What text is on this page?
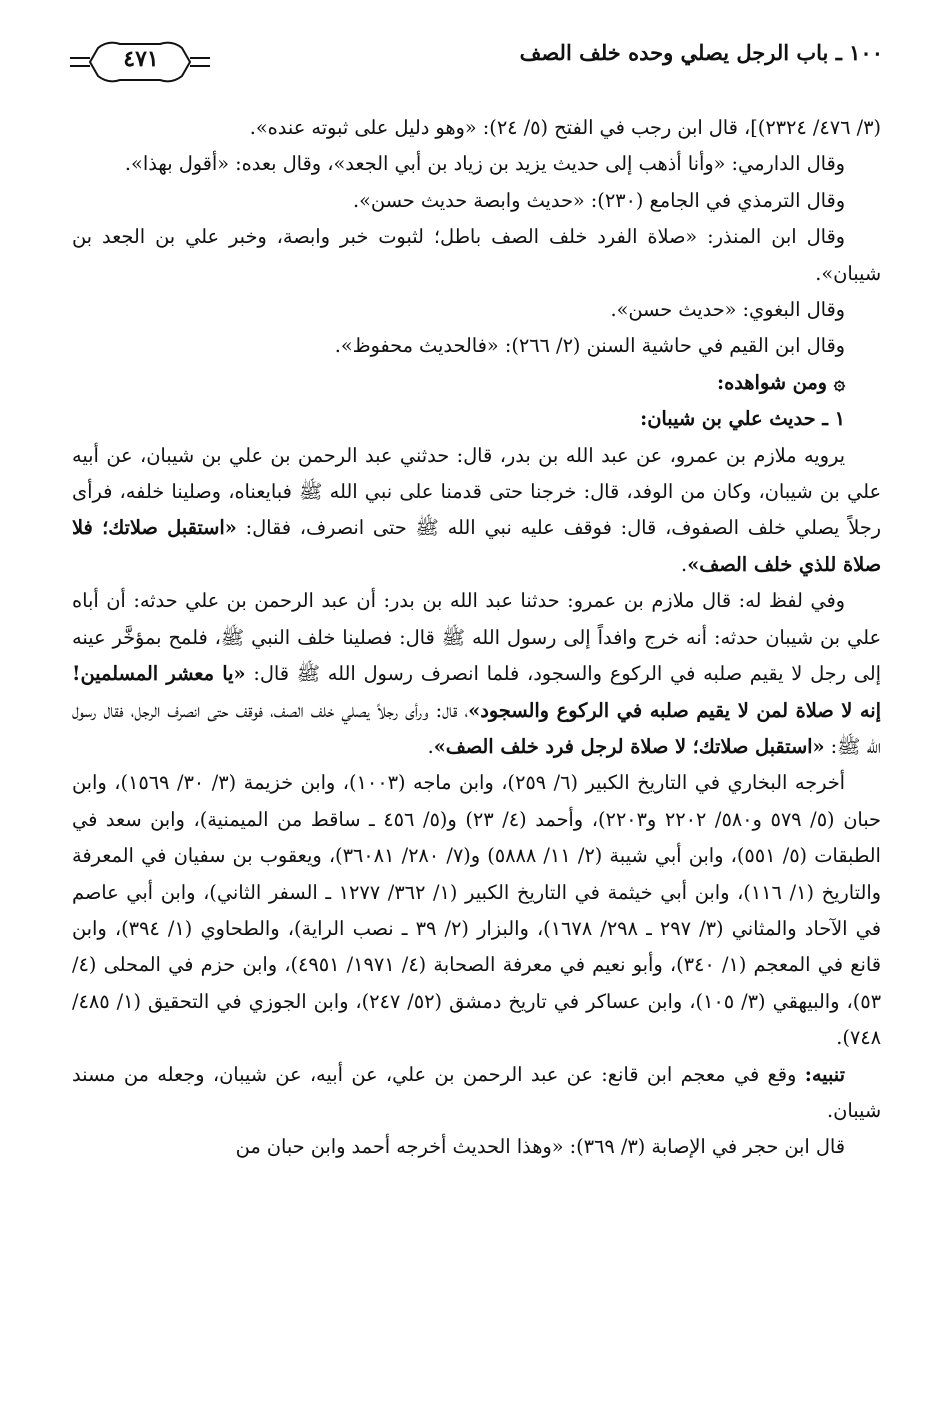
١٠٠ ـ باب الرجل يصلي وحده خلف الصف
٤٧١

(٣/ ٤٧٦/ ٢٣٢٤)]، قال ابن رجب في الفتح (٥/ ٢٤): «وهو دليل على ثبوته عنده».

وقال الدارمي: «وأنا أذهب إلى حديث يزيد بن زياد بن أبي الجعد»، وقال بعده: «أقول بهذا».

وقال الترمذي في الجامع (٢٣٠): «حديث وابصة حديث حسن».

وقال ابن المنذر: «صلاة الفرد خلف الصف باطل؛ لثبوت خبر وابصة، وخبر علي بن الجعد بن شيبان».

وقال البغوي: «حديث حسن».

وقال ابن القيم في حاشية السنن (٢/ ٢٦٦): «فالحديث محفوظ».

۞ ومن شواهده:

١ ـ حديث علي بن شيبان:

يرويه ملازم بن عمرو، عن عبد الله بن بدر، قال: حدثني عبد الرحمن بن علي بن شيبان، عن أبيه علي بن شيبان، وكان من الوفد، قال: خرجنا حتى قدمنا على نبي الله ﷺ فبايعناه، وصلينا خلفه، فرأى رجلاً يصلي خلف الصفوف، قال: فوقف عليه نبي الله ﷺ حتى انصرف، فقال: «استقبل صلاتك؛ فلا صلاة للذي خلف الصف».

وفي لفظ له: قال ملازم بن عمرو: حدثنا عبد الله بن بدر: أن عبد الرحمن بن علي حدثه: أن أباه علي بن شيبان حدثه: أنه خرج وافداً إلى رسول الله ﷺ قال: فصلينا خلف النبي ﷺ، فلمح بمؤخَّر عينه إلى رجل لا يقيم صلبه في الركوع والسجود، فلما انصرف رسول الله ﷺ قال: «يا معشر المسلمين! إنه لا صلاة لمن لا يقيم صلبه في الركوع والسجود»، قال: ورأى رجلاً يصلي خلف الصف، فوقف حتى انصرف الرجل، فقال رسول الله ﷺ: «استقبل صلاتك؛ لا صلاة لرجل فرد خلف الصف».

أخرجه البخاري في التاريخ الكبير (٦/ ٢٥٩)، وابن ماجه (١٠٠٣)، وابن خزيمة (٣/ ٣٠/ ١٥٦٩)، وابن حبان (٥/ ٥٧٩ و٥٨٠/ ٢٢٠٢ و٢٢٠٣)، وأحمد (٤/ ٢٣) و(٥/ ٤٥٦ ـ ساقط من الميمنية)، وابن سعد في الطبقات (٥/ ٥٥١)، وابن أبي شيبة (٢/ ١١/ ٥٨٨٨) و(٧/ ٢٨٠/ ٣٦٠٨١)، ويعقوب بن سفيان في المعرفة والتاريخ (١/ ١١٦)، وابن أبي خيثمة في التاريخ الكبير (١/ ٣٦٢/ ١٢٧٧ ـ السفر الثاني)، وابن أبي عاصم في الآحاد والمثاني (٣/ ٢٩٧ ـ ٢٩٨/ ١٦٧٨)، والبزار (٢/ ٣٩ ـ نصب الراية)، والطحاوي (١/ ٣٩٤)، وابن قانع في المعجم (١/ ٣٤٠)، وأبو نعيم في معرفة الصحابة (٤/ ١٩٧١/ ٤٩٥١)، وابن حزم في المحلى (٤/ ٥٣)، والبيهقي (٣/ ١٠٥)، وابن عساكر في تاريخ دمشق (٥٢/ ٢٤٧)، وابن الجوزي في التحقيق (١/ ٤٨٥/ ٧٤٨).

تنبيه: وقع في معجم ابن قانع: عن عبد الرحمن بن علي، عن أبيه، عن شيبان، وجعله من مسند شيبان.

قال ابن حجر في الإصابة (٣/ ٣٦٩): «وهذا الحديث أخرجه أحمد وابن حبان من
